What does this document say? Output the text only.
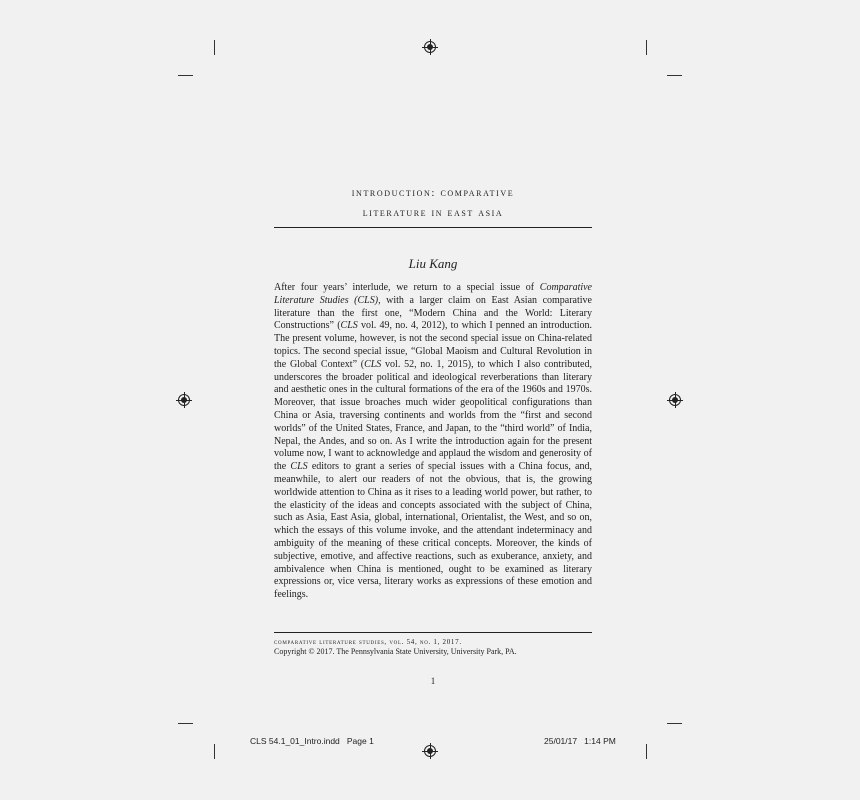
introduction: comparative
literature in east asia
Liu Kang

After four years’ interlude, we return to a special issue of Comparative Literature Studies (CLS), with a larger claim on East Asian comparative literature than the first one, “Modern China and the World: Literary Constructions” (CLS vol. 49, no. 4, 2012), to which I penned an introduction. The present volume, however, is not the second special issue on China-related topics. The second special issue, “Global Maoism and Cultural Revolution in the Global Context” (CLS vol. 52, no. 1, 2015), to which I also contributed, underscores the broader political and ideological reverberations than literary and aesthetic ones in the cultural formations of the era of the 1960s and 1970s. Moreover, that issue broaches much wider geopolitical configurations than China or Asia, traversing continents and worlds from the “first and second worlds” of the United States, France, and Japan, to the “third world” of India, Nepal, the Andes, and so on. As I write the introduction again for the present volume now, I want to acknowledge and applaud the wisdom and generosity of the CLS editors to grant a series of special issues with a China focus, and, meanwhile, to alert our readers of not the obvious, that is, the growing worldwide attention to China as it rises to a leading world power, but rather, to the elasticity of the ideas and concepts associated with the subject of China, such as Asia, East Asia, global, international, Orientalist, the West, and so on, which the essays of this volume invoke, and the attendant indeterminacy and ambiguity of the meaning of these critical concepts. Moreover, the kinds of subjective, emotive, and affective reactions, such as exuberance, anxiety, and ambivalence when China is mentioned, ought to be examined as literary expressions or, vice versa, literary works as expressions of these emotion and feelings.

comparative literature studies, vol. 54, no. 1, 2017.
Copyright © 2017. The Pennsylvania State University, University Park, PA.
1
CLS 54.1_01_Intro.indd   Page 1	25/01/17   1:14 PM
